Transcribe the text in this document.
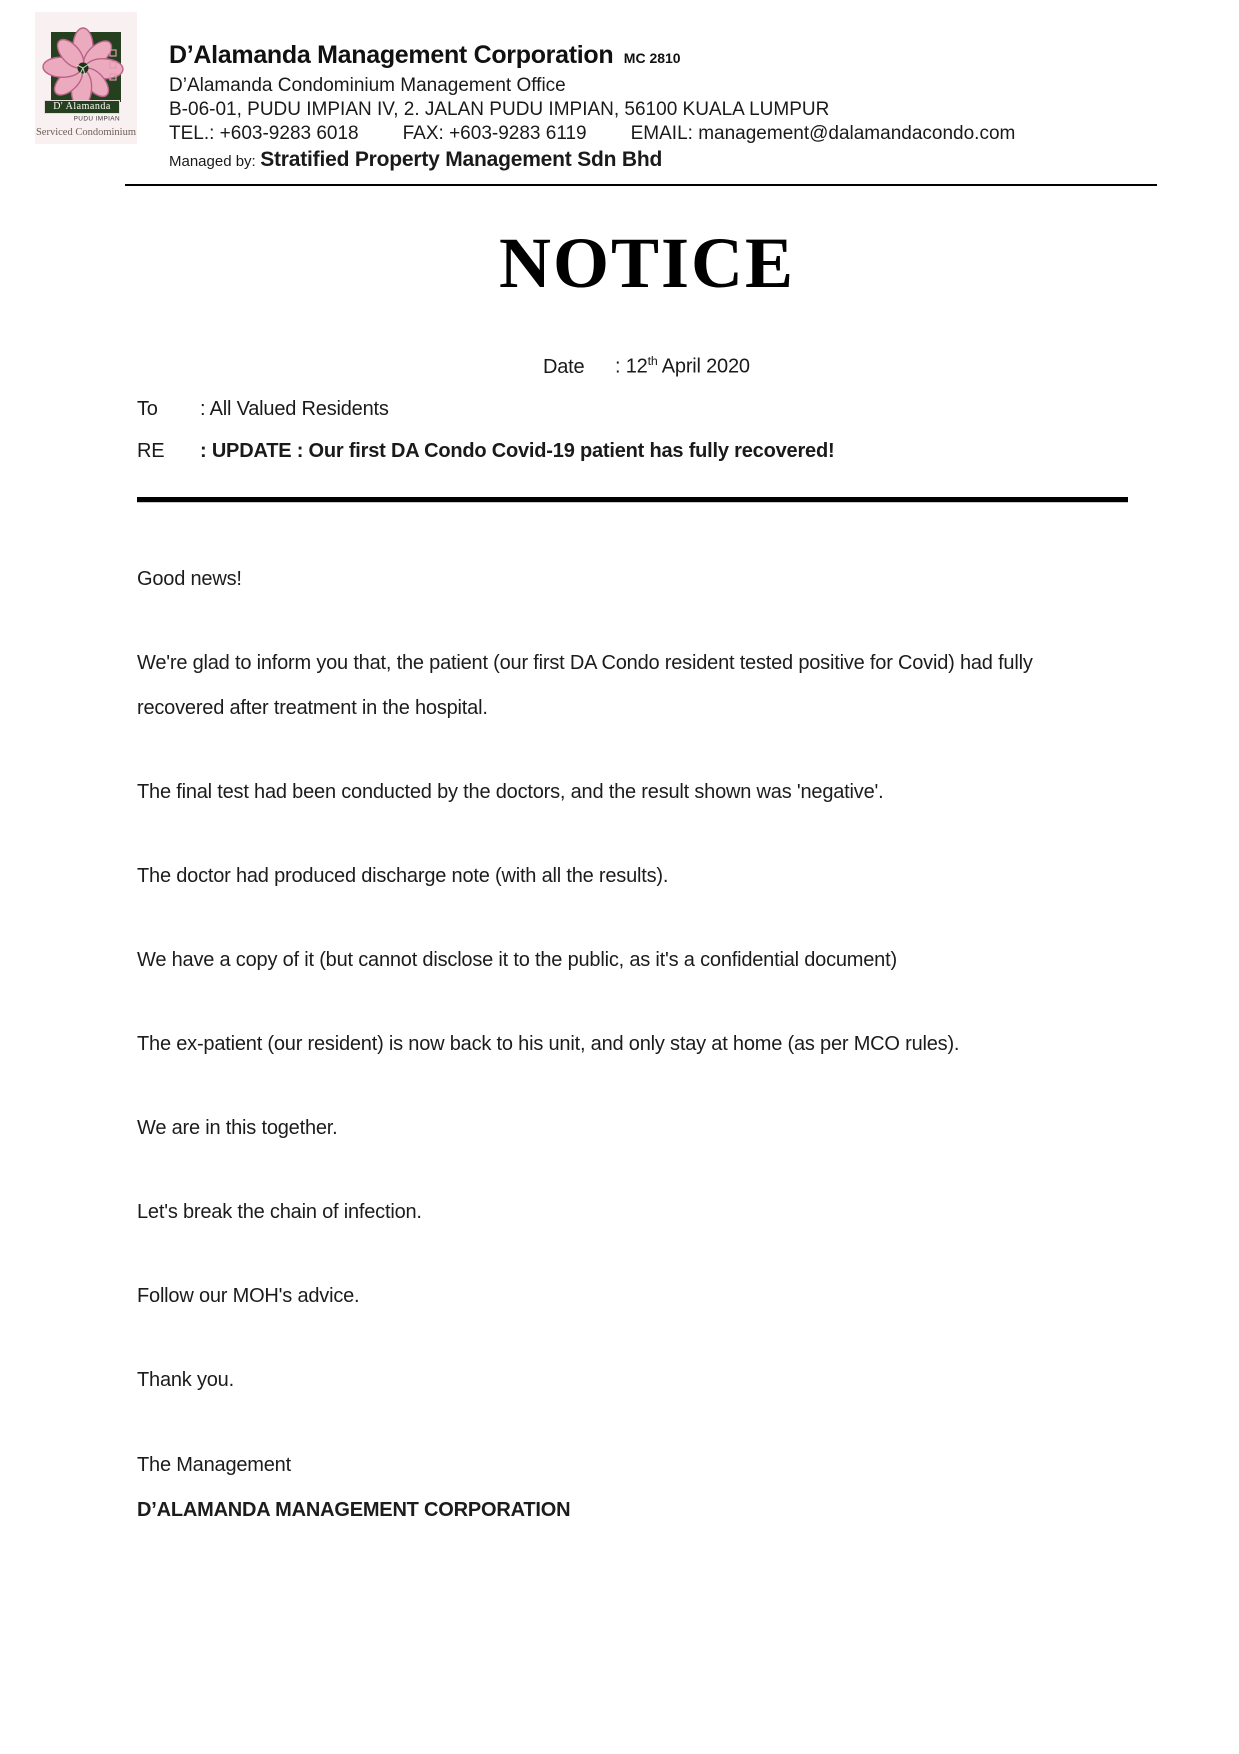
D' Alamanda
PUDU IMPIAN
Serviced Condominium
D’Alamanda Management Corporation MC 2810
D’Alamanda Condominium Management Office
B-06-01, PUDU IMPIAN IV, 2. JALAN PUDU IMPIAN, 56100 KUALA LUMPUR
TEL.: +603-9283 6018 FAX: +603-9283 6119 EMAIL: management@dalamandacondo.com
Managed by: Stratified Property Management Sdn Bhd
NOTICE
Date : 12th April 2020
To : All Valued Residents
RE : UPDATE : Our first DA Condo Covid-19 patient has fully recovered!
Good news!
We're glad to inform you that, the patient (our first DA Condo resident tested positive for Covid) had fully
recovered after treatment in the hospital.
The final test had been conducted by the doctors, and the result shown was 'negative'.
The doctor had produced discharge note (with all the results).
We have a copy of it (but cannot disclose it to the public, as it's a confidential document)
The ex-patient (our resident) is now back to his unit, and only stay at home (as per MCO rules).
We are in this together.
Let's break the chain of infection.
Follow our MOH's advice.
Thank you.
The Management
D’ALAMANDA MANAGEMENT CORPORATION
